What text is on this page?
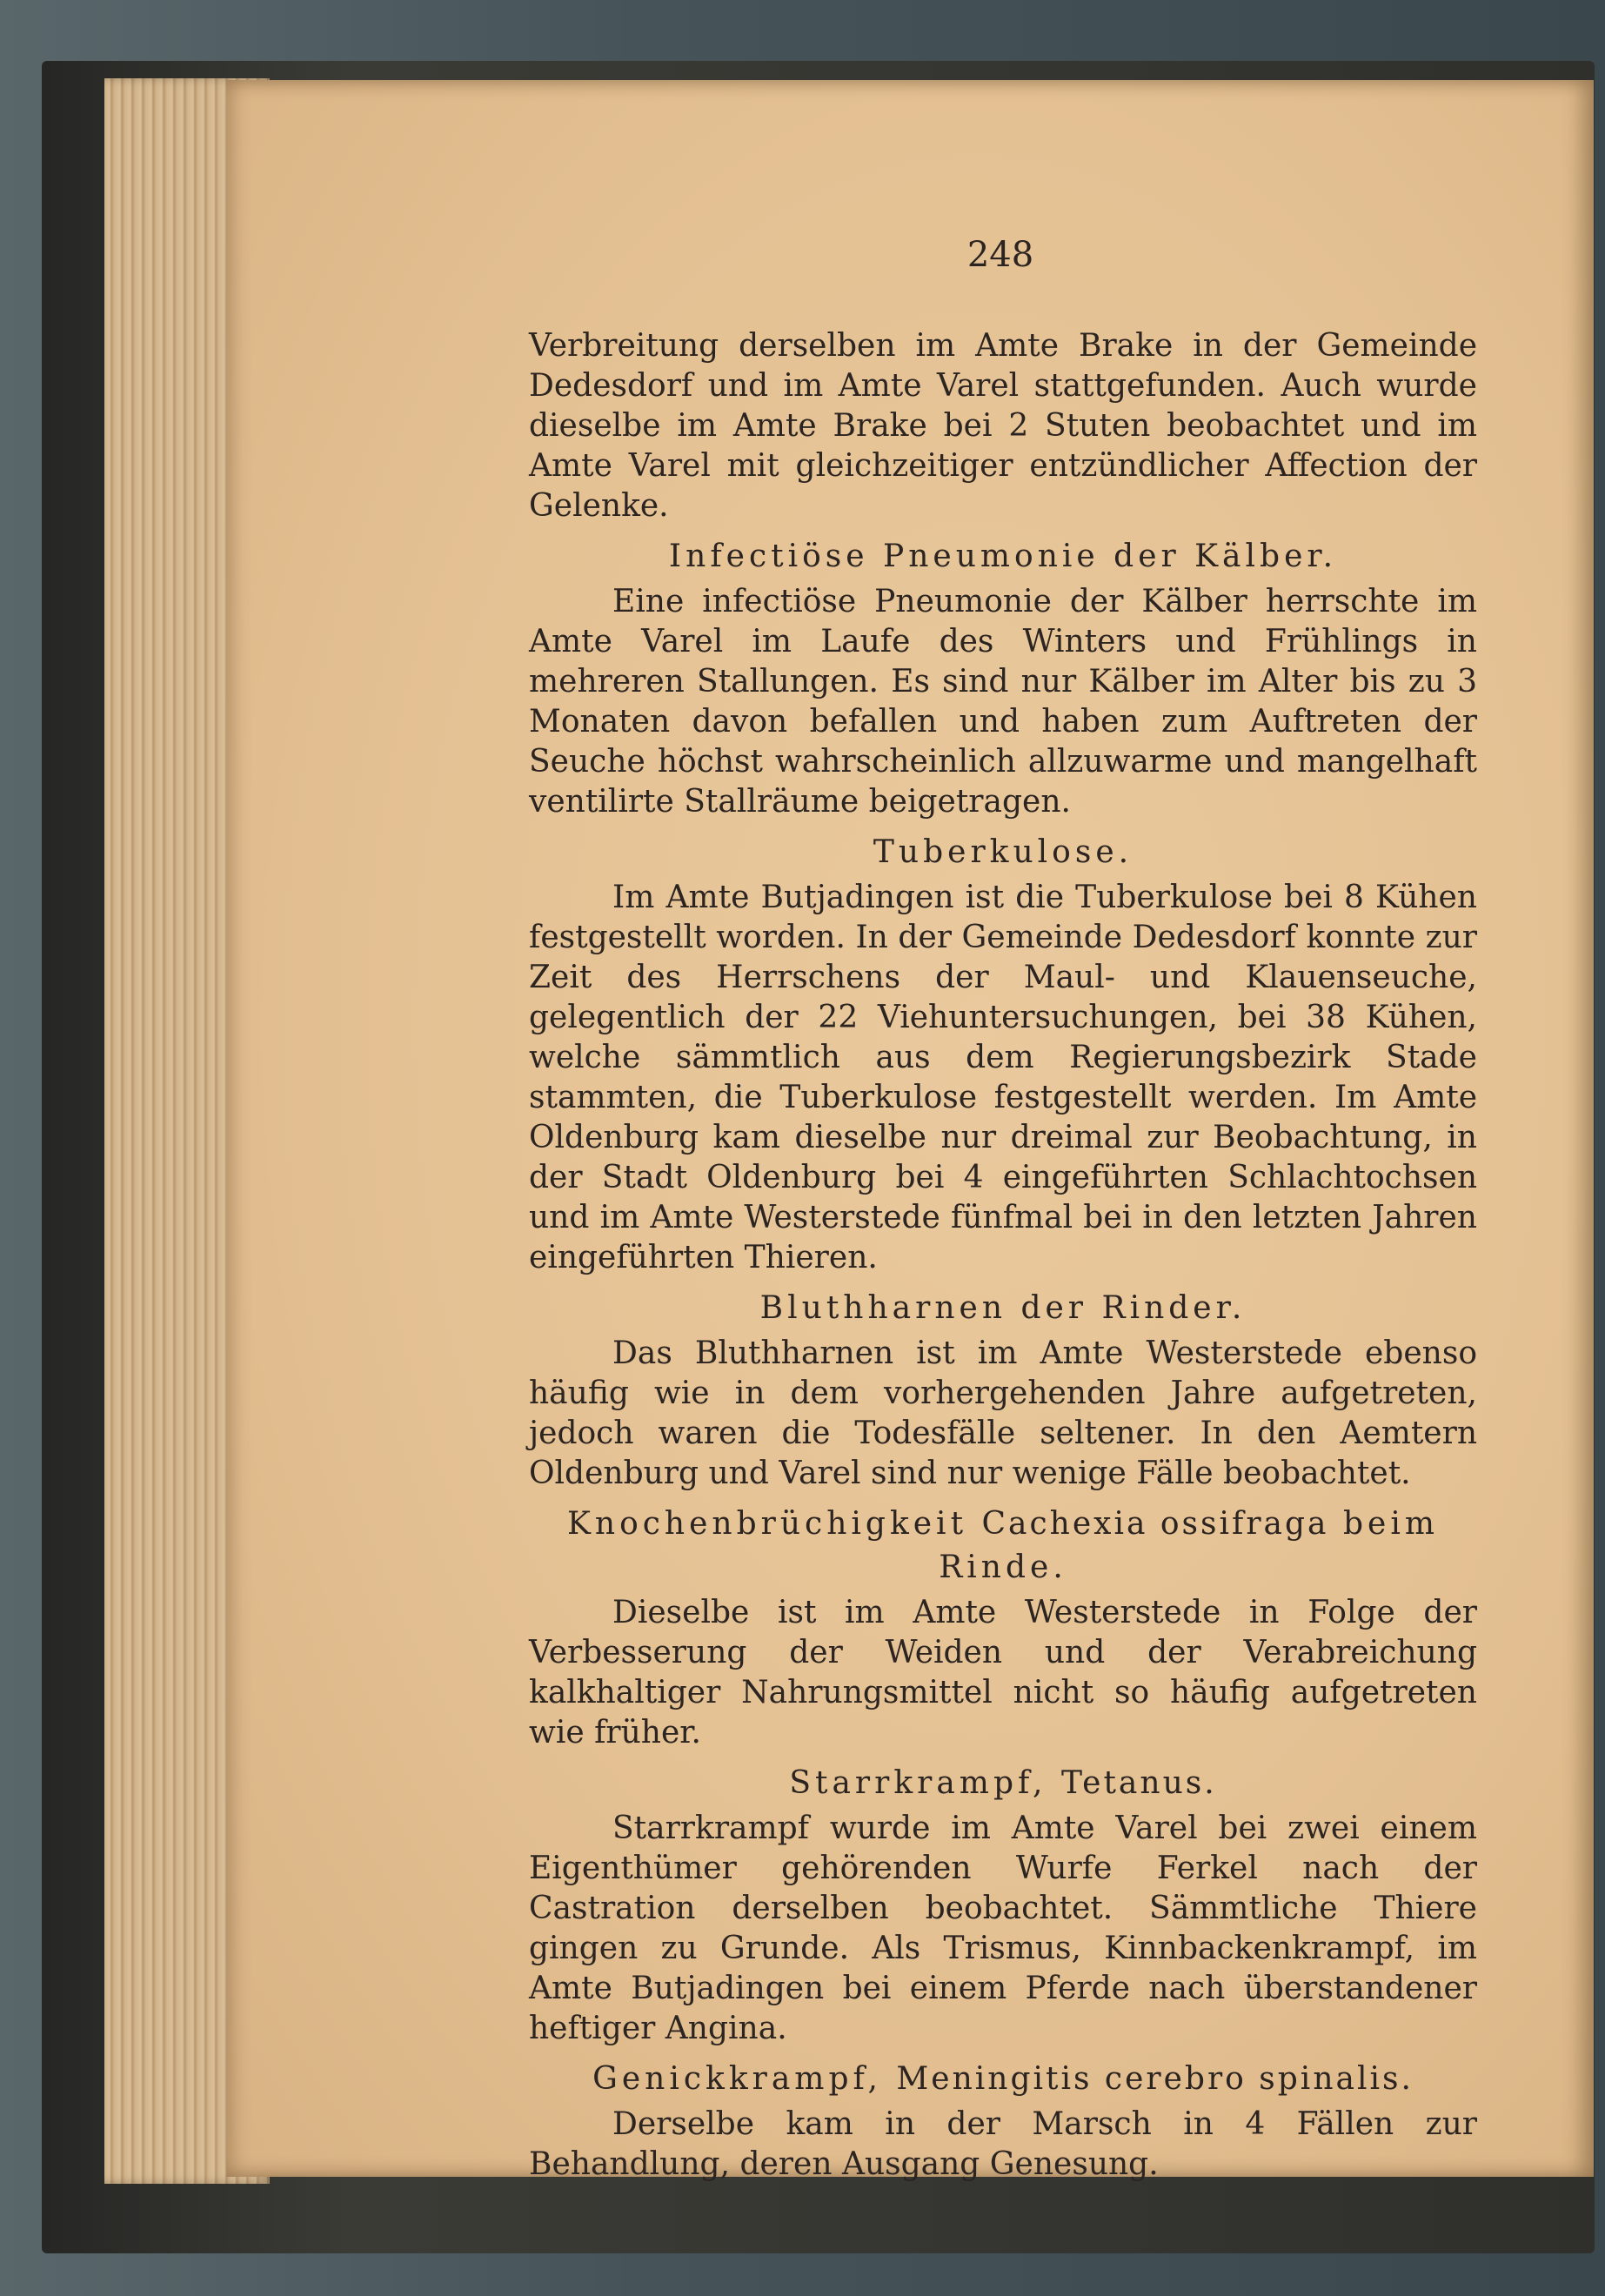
248

Verbreitung derselben im Amte Brake in der Gemeinde Dedesdorf und im Amte Varel stattgefunden. Auch wurde dieselbe im Amte Brake bei 2 Stuten beobachtet und im Amte Varel mit gleichzeitiger entzündlicher Affection der Gelenke.

Infectiöse Pneumonie der Kälber.

Eine infectiöse Pneumonie der Kälber herrschte im Amte Varel im Laufe des Winters und Frühlings in mehreren Stallungen. Es sind nur Kälber im Alter bis zu 3 Monaten davon befallen und haben zum Auftreten der Seuche höchst wahrscheinlich allzuwarme und mangelhaft ventilirte Stallräume beigetragen.

Tuberkulose.

Im Amte Butjadingen ist die Tuberkulose bei 8 Kühen festgestellt worden. In der Gemeinde Dedesdorf konnte zur Zeit des Herrschens der Maul- und Klauenseuche, gelegentlich der 22 Viehuntersuchungen, bei 38 Kühen, welche sämmtlich aus dem Regierungsbezirk Stade stammten, die Tuberkulose festgestellt werden. Im Amte Oldenburg kam dieselbe nur dreimal zur Beobachtung, in der Stadt Oldenburg bei 4 eingeführten Schlachtochsen und im Amte Westerstede fünfmal bei in den letzten Jahren eingeführten Thieren.

Bluthharnen der Rinder.

Das Bluthharnen ist im Amte Westerstede ebenso häufig wie in dem vorhergehenden Jahre aufgetreten, jedoch waren die Todesfälle seltener. In den Aemtern Oldenburg und Varel sind nur wenige Fälle beobachtet.

Knochenbrüchigkeit Cachexia ossifraga beim Rinde.

Dieselbe ist im Amte Westerstede in Folge der Verbesserung der Weiden und der Verabreichung kalkhaltiger Nahrungsmittel nicht so häufig aufgetreten wie früher.

Starrkrampf, Tetanus.

Starrkrampf wurde im Amte Varel bei zwei einem Eigenthümer gehörenden Wurfe Ferkel nach der Castration derselben beobachtet. Sämmtliche Thiere gingen zu Grunde. Als Trismus, Kinnbackenkrampf, im Amte Butjadingen bei einem Pferde nach überstandener heftiger Angina.

Genickkrampf, Meningitis cerebro spinalis.

Derselbe kam in der Marsch in 4 Fällen zur Behandlung, deren Ausgang Genesung.
